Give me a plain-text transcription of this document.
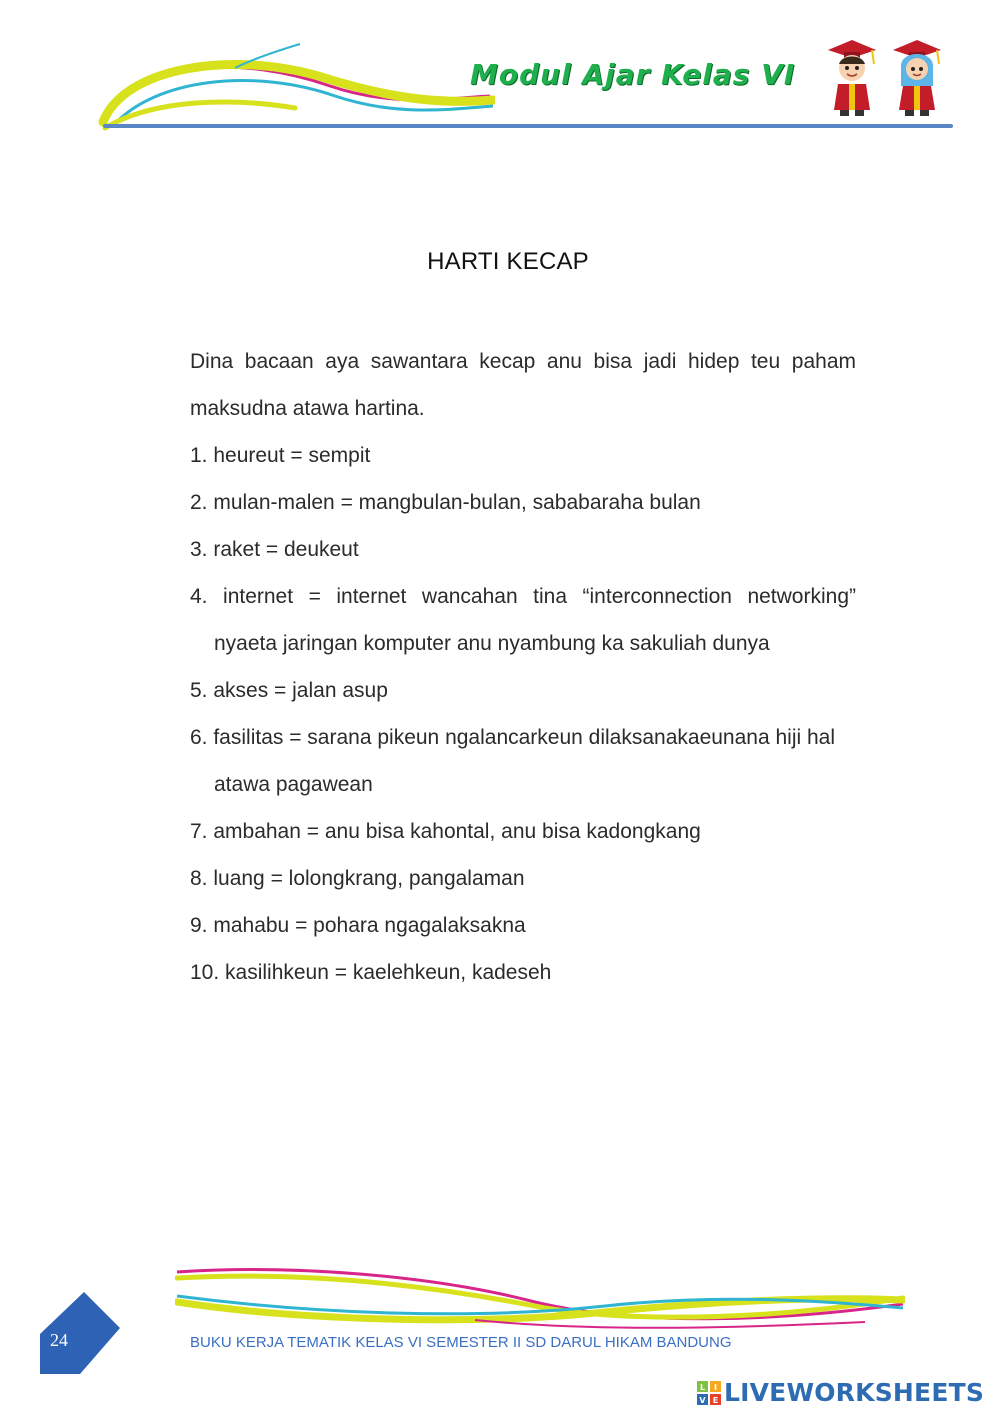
Modul Ajar Kelas VI
HARTI KECAP
Dina bacaan aya sawantara kecap anu bisa jadi hidep teu paham
maksudna atawa hartina.
1. heureut = sempit
2. mulan-malen = mangbulan-bulan, sababaraha bulan
3. raket = deukeut
4. internet = internet wancahan tina “interconnection networking”
nyaeta jaringan komputer anu nyambung ka sakuliah dunya
5. akses = jalan asup
6. fasilitas = sarana pikeun ngalancarkeun dilaksanakaeunana hiji hal
atawa pagawean
7. ambahan = anu bisa kahontal, anu bisa kadongkang
8. luang = lolongkrang, pangalaman
9. mahabu = pohara ngagalaksakna
10. kasilihkeun = kaelehkeun, kadeseh
24	BUKU KERJA TEMATIK KELAS VI SEMESTER II SD DARUL HIKAM BANDUNG
L I
V E LIVEWORKSHEETS
